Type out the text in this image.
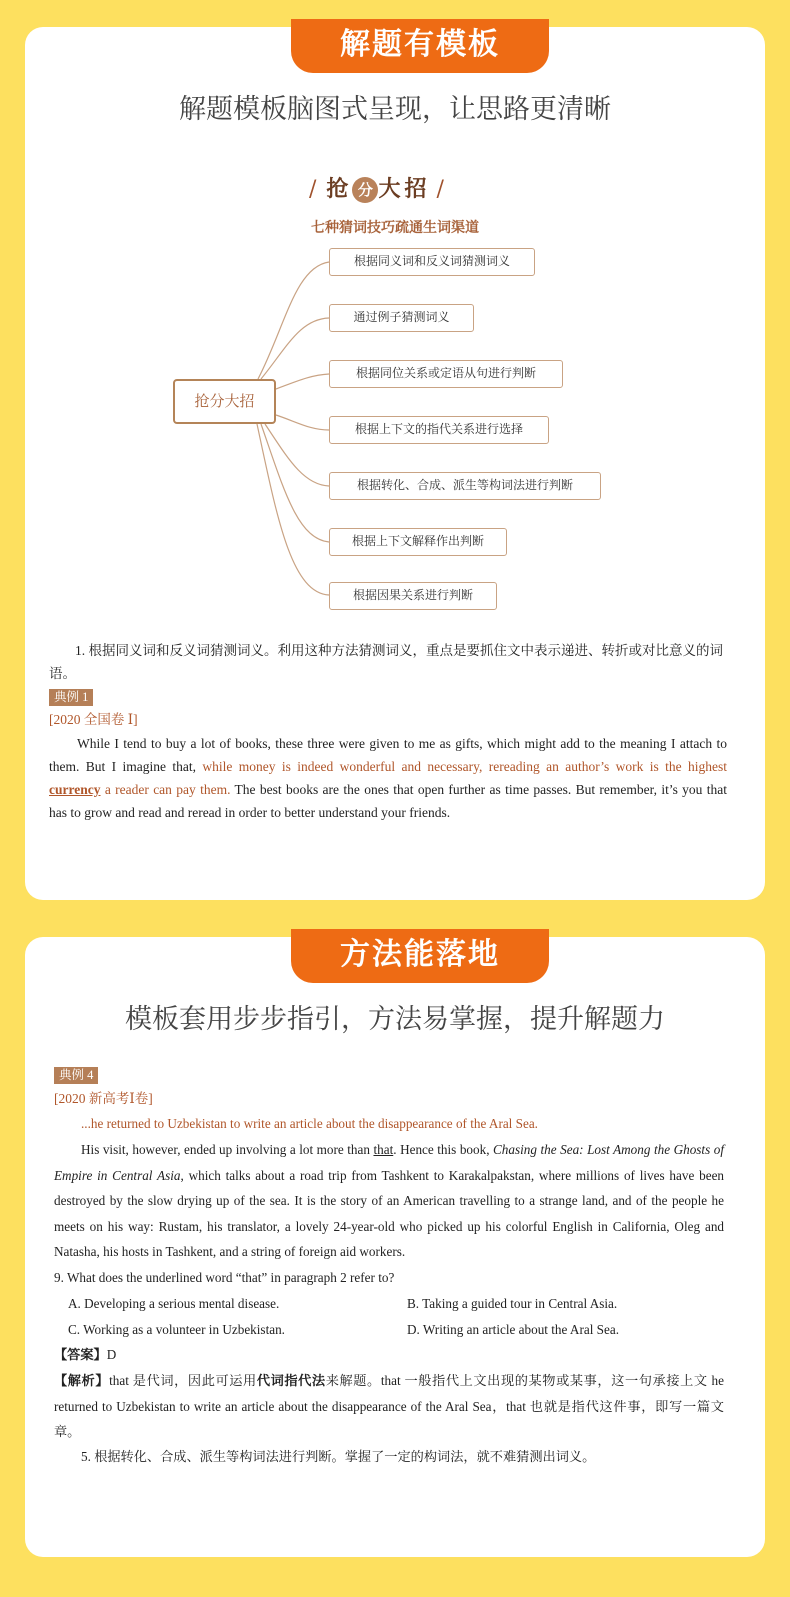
解题有模板
解题模板脑图式呈现，让思路更清晰
/ 抢 分 大招 /
七种猜词技巧疏通生词渠道
抢分大招
根据同义词和反义词猜测词义
通过例子猜测词义
根据同位关系或定语从句进行判断
根据上下文的指代关系进行选择
根据转化、合成、派生等构词法进行判断
根据上下文解释作出判断
根据因果关系进行判断
1. 根据同义词和反义词猜测词义。利用这种方法猜测词义，重点是要抓住文中表示递进、转折或对比意义的词语。
典例 1
[2020 全国卷 Ⅰ]
While I tend to buy a lot of books, these three were given to me as gifts, which might add to the meaning I attach to them. But I imagine that, while money is indeed wonderful and necessary, rereading an author’s work is the highest currency a reader can pay them. The best books are the ones that open further as time passes. But remember, it’s you that has to grow and read and reread in order to better understand your friends.
方法能落地
模板套用步步指引，方法易掌握，提升解题力
典例 4
[2020 新高考Ⅰ卷]
...he returned to Uzbekistan to write an article about the disappearance of the Aral Sea.
His visit, however, ended up involving a lot more than that. Hence this book, Chasing the Sea: Lost Among the Ghosts of Empire in Central Asia, which talks about a road trip from Tashkent to Karakalpakstan, where millions of lives have been destroyed by the slow drying up of the sea. It is the story of an American travelling to a strange land, and of the people he meets on his way: Rustam, his translator, a lovely 24-year-old who picked up his colorful English in California, Oleg and Natasha, his hosts in Tashkent, and a string of foreign aid workers.
9. What does the underlined word “that” in paragraph 2 refer to?
A. Developing a serious mental disease.	B. Taking a guided tour in Central Asia.
C. Working as a volunteer in Uzbekistan.	D. Writing an article about the Aral Sea.
【答案】D
【解析】that 是代词，因此可运用代词指代法来解题。that 一般指代上文出现的某物或某事，这一句承接上文 he returned to Uzbekistan to write an article about the disappearance of the Aral Sea，that 也就是指代这件事，即写一篇文章。
5. 根据转化、合成、派生等构词法进行判断。掌握了一定的构词法，就不难猜测出词义。
